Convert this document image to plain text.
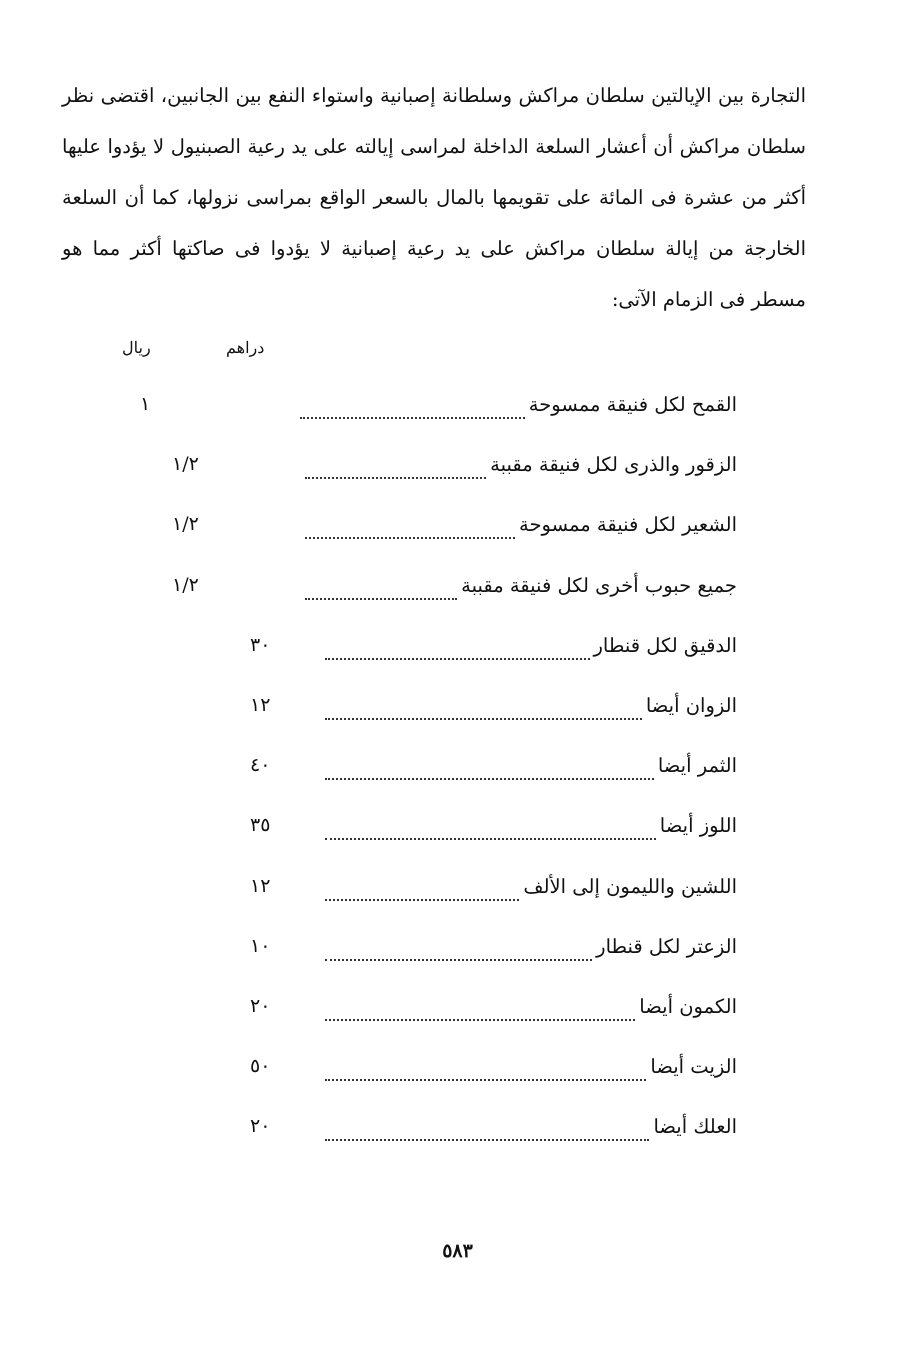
التجارة بين الإيالتين سلطان مراكش وسلطانة إصبانية واستواء النفع بين الجانبين، اقتضى نظر سلطان مراكش أن أعشار السلعة الداخلة لمراسى إيالته على يد رعية الصبنيول لا يؤدوا عليها أكثر من عشرة فى المائة على تقويمها بالمال بالسعر الواقع بمراسى نزولها، كما أن السلعة الخارجة من إيالة سلطان مراكش على يد رعية إصبانية لا يؤدوا فى صاكتها أكثر مما هو مسطر فى الزمام الآتى:

دراهم
ريال
القمح لكل فنيقة ممسوحة
١
الزقور والذرى لكل فنيقة مقببة
١/٢
الشعير لكل فنيقة ممسوحة
١/٢
جميع حبوب أخرى لكل فنيقة مقببة
١/٢
الدقيق لكل قنطار
٣٠
الزوان أيضا
١٢
الثمر أيضا
٤٠
اللوز أيضا
٣٥
اللشين والليمون إلى الألف
١٢
الزعتر لكل قنطار
١٠
الكمون أيضا
٢٠
الزيت أيضا
٥٠
العلك أيضا
٢٠
٥٨٣
